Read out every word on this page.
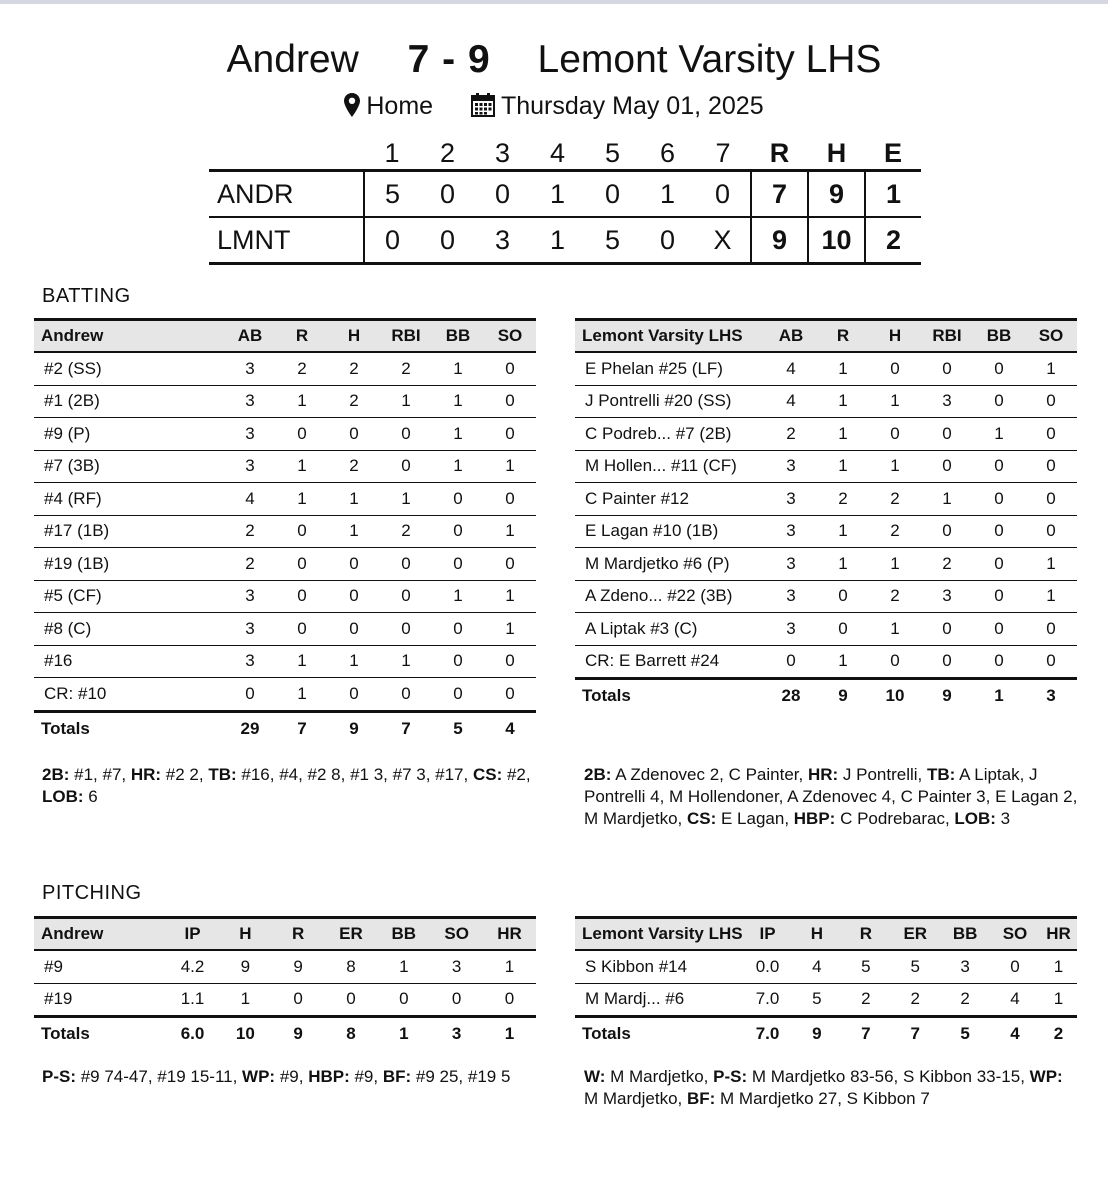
Andrew 7 - 9 Lemont Varsity LHS
Home	Thursday May 01, 2025
	1	2	3	4	5	6	7	R	H	E
ANDR	5	0	0	1	0	1	0	7	9	1
LMNT	0	0	3	1	5	0	X	9	10	2
BATTING
Andrew	AB	R	H	RBI	BB	SO
#2 (SS)	3	2	2	2	1	0
#1 (2B)	3	1	2	1	1	0
#9 (P)	3	0	0	0	1	0
#7 (3B)	3	1	2	0	1	1
#4 (RF)	4	1	1	1	0	0
#17 (1B)	2	0	1	2	0	1
#19 (1B)	2	0	0	0	0	0
#5 (CF)	3	0	0	0	1	1
#8 (C)	3	0	0	0	0	1
#16	3	1	1	1	0	0
CR: #10	0	1	0	0	0	0
Totals	29	7	9	7	5	4
Lemont Varsity LHS	AB	R	H	RBI	BB	SO
E Phelan #25 (LF)	4	1	0	0	0	1
J Pontrelli #20 (SS)	4	1	1	3	0	0
C Podreb... #7 (2B)	2	1	0	0	1	0
M Hollen... #11 (CF)	3	1	1	0	0	0
C Painter #12	3	2	2	1	0	0
E Lagan #10 (1B)	3	1	2	0	0	0
M Mardjetko #6 (P)	3	1	1	2	0	1
A Zdeno... #22 (3B)	3	0	2	3	0	1
A Liptak #3 (C)	3	0	1	0	0	0
CR: E Barrett #24	0	1	0	0	0	0
Totals	28	9	10	9	1	3
2B: #1, #7, HR: #2 2, TB: #16, #4, #2 8, #1 3, #7 3, #17, CS: #2, LOB: 6
2B: A Zdenovec 2, C Painter, HR: J Pontrelli, TB: A Liptak, J Pontrelli 4, M Hollendoner, A Zdenovec 4, C Painter 3, E Lagan 2, M Mardjetko, CS: E Lagan, HBP: C Podrebarac, LOB: 3
PITCHING
Andrew	IP	H	R	ER	BB	SO	HR
#9	4.2	9	9	8	1	3	1
#19	1.1	1	0	0	0	0	0
Totals	6.0	10	9	8	1	3	1
Lemont Varsity LHS	IP	H	R	ER	BB	SO	HR
S Kibbon #14	0.0	4	5	5	3	0	1
M Mardj... #6	7.0	5	2	2	2	4	1
Totals	7.0	9	7	7	5	4	2
P-S: #9 74-47, #19 15-11, WP: #9, HBP: #9, BF: #9 25, #19 5	W: M Mardjetko, P-S: M Mardjetko 83-56, S Kibbon 33-15, WP: M Mardjetko, BF: M Mardjetko 27, S Kibbon 7
